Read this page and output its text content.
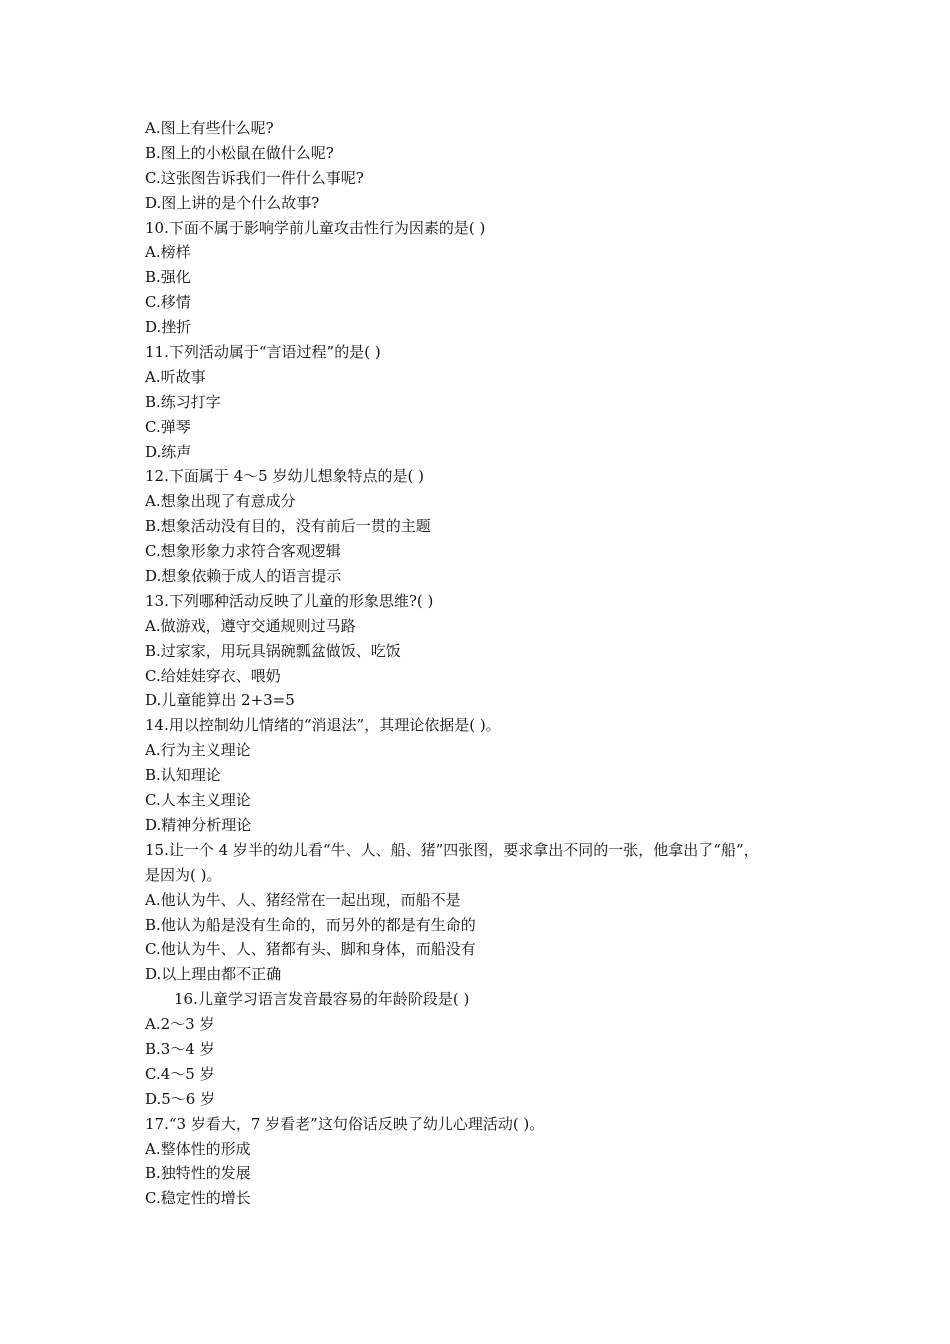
A.图上有些什么呢?
B.图上的小松鼠在做什么呢?
C.这张图告诉我们一件什么事呢?
D.图上讲的是个什么故事?
10.下面不属于影响学前儿童攻击性行为因素的是( )
A.榜样
B.强化
C.移情
D.挫折
11.下列活动属于“言语过程”的是( )
A.听故事
B.练习打字
C.弹琴
D.练声
12.下面属于 4～5 岁幼儿想象特点的是( )
A.想象出现了有意成分
B.想象活动没有目的，没有前后一贯的主题
C.想象形象力求符合客观逻辑
D.想象依赖于成人的语言提示
13.下列哪种活动反映了儿童的形象思维?( )
A.做游戏，遵守交通规则过马路
B.过家家，用玩具锅碗瓢盆做饭、吃饭
C.给娃娃穿衣、喂奶
D.儿童能算出 2+3=5
14.用以控制幼儿情绪的“消退法”，其理论依据是( )。
A.行为主义理论
B.认知理论
C.人本主义理论
D.精神分析理论
15.让一个 4 岁半的幼儿看“牛、人、船、猪”四张图，要求拿出不同的一张，他拿出了“船”，
是因为( )。
A.他认为牛、人、猪经常在一起出现，而船不是
B.他认为船是没有生命的，而另外的都是有生命的
C.他认为牛、人、猪都有头、脚和身体，而船没有
D.以上理由都不正确
16.儿童学习语言发音最容易的年龄阶段是( )
A.2～3 岁
B.3～4 岁
C.4～5 岁
D.5～6 岁
17.“3 岁看大，7 岁看老”这句俗话反映了幼儿心理活动( )。
A.整体性的形成
B.独特性的发展
C.稳定性的增长
